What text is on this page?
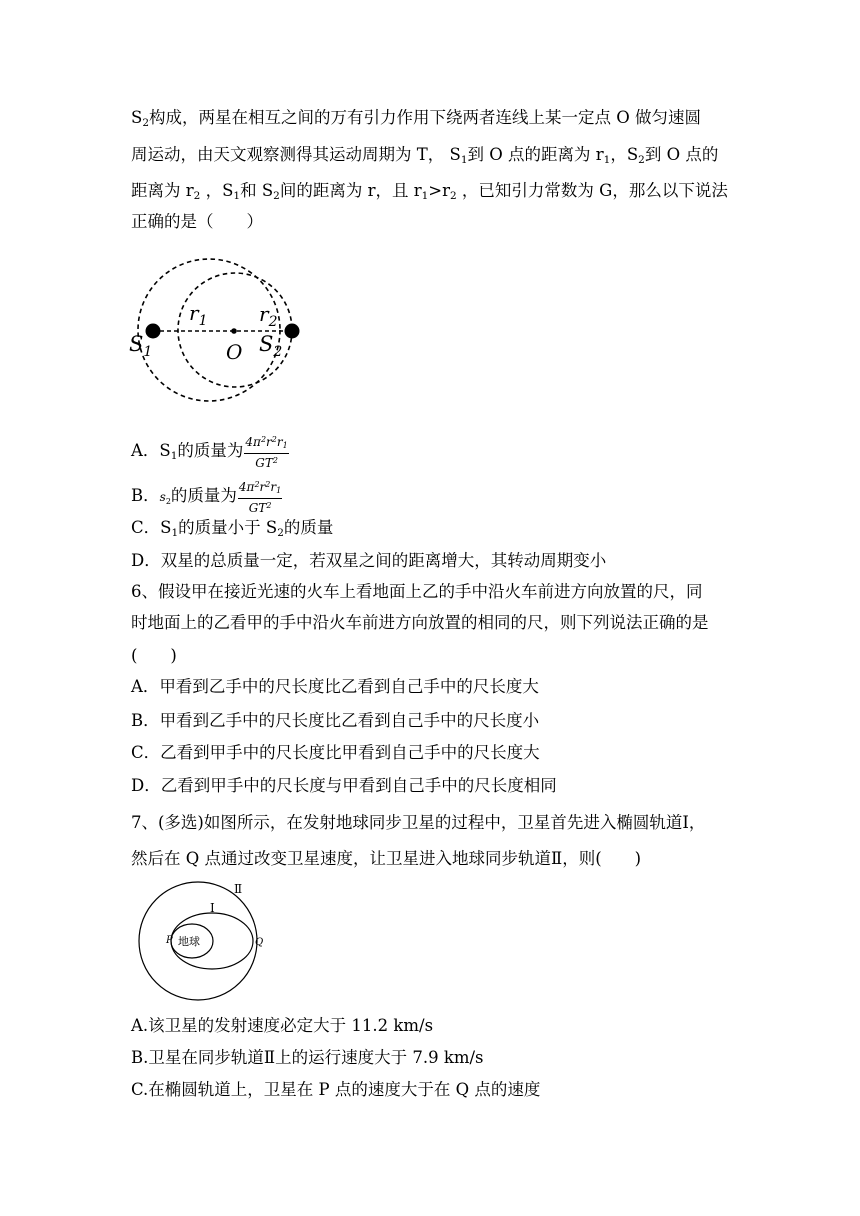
$S_2$构成，两星在相互之间的万有引力作用下绕两者连线上某一定点 O 做匀速圆
周运动，由天文观察测得其运动周期为 T， $S_1$到 O 点的距离为 $r_1$，$S_2$到 O 点的
距离为 $r_2$ ，$S_1$和 $S_2$间的距离为 r，且 $r_1>r_2$ ，已知引力常数为 G，那么以下说法
正确的是（　　）
$r_1$	$r_2$
$S_1$	O $S_2$
A．$S_1$的质量为 $\frac{4\pi^2r^2r_1}{GT^2}$
B．$s_2$的质量为 $\frac{4\pi^2r^2r_1}{GT^2}$
C．$S_1$的质量小于 $S_2$的质量
D．双星的总质量一定，若双星之间的距离增大，其转动周期变小
6、假设甲在接近光速的火车上看地面上乙的手中沿火车前进方向放置的尺，同
时地面上的乙看甲的手中沿火车前进方向放置的相同的尺，则下列说法正确的是
(　　)
A．甲看到乙手中的尺长度比乙看到自己手中的尺长度大
B．甲看到乙手中的尺长度比乙看到自己手中的尺长度小
C．乙看到甲手中的尺长度比甲看到自己手中的尺长度大
D．乙看到甲手中的尺长度与甲看到自己手中的尺长度相同
7、(多选)如图所示，在发射地球同步卫星的过程中，卫星首先进入椭圆轨道Ⅰ，
然后在 Q 点通过改变卫星速度，让卫星进入地球同步轨道Ⅱ，则(　　)
Ⅱ
Ⅰ
P 地球	Q
A.该卫星的发射速度必定大于 11.2 km/s
B.卫星在同步轨道Ⅱ上的运行速度大于 7.9 km/s
C.在椭圆轨道上，卫星在 P 点的速度大于在 Q 点的速度
